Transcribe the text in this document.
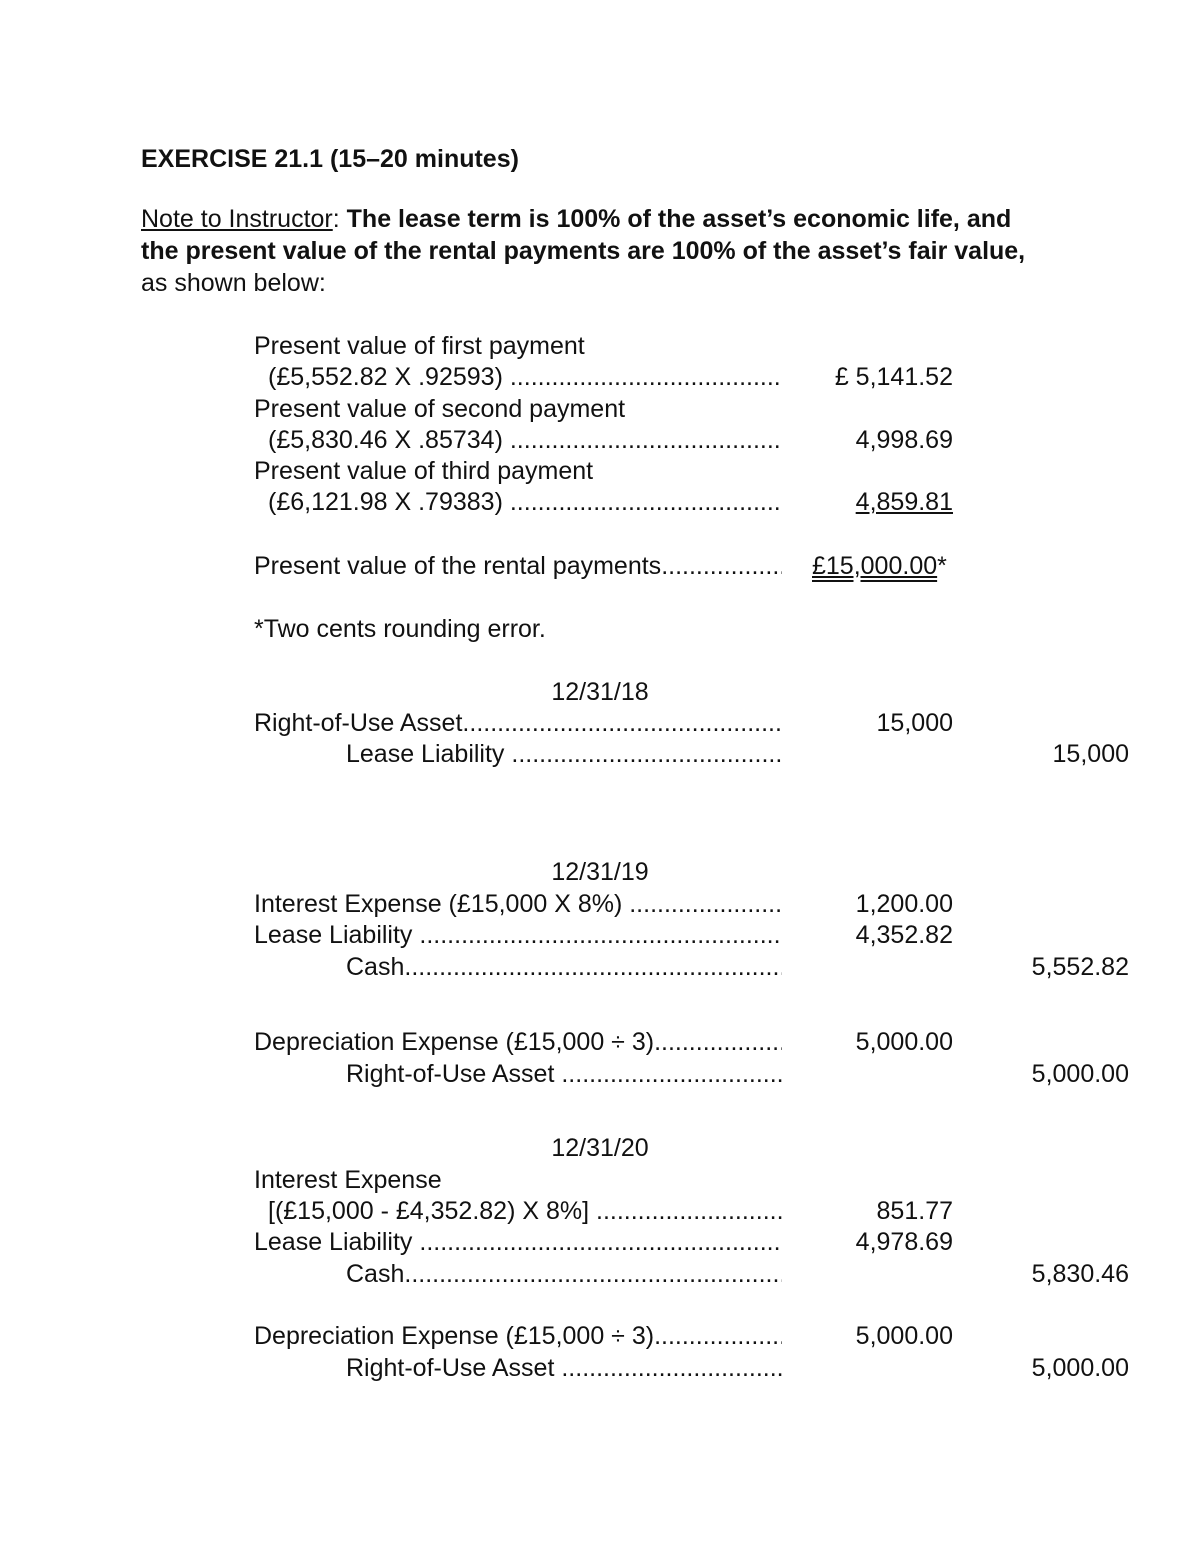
EXERCISE 21.1 (15–20 minutes)
Note to Instructor: The lease term is 100% of the asset’s economic life, and
the present value of the rental payments are 100% of the asset’s fair value,
as shown below:
Present value of first payment
(£5,552.82 X .92593) .....	£ 5,141.52
Present value of second payment
(£5,830.46 X .85734) .....	4,998.69
Present value of third payment
(£6,121.98 X .79383) .....	4,859.81
Present value of the rental payments .....	£15,000.00*
*Two cents rounding error.
12/31/18
Right-of-Use Asset .....	15,000
Lease Liability .....	15,000
12/31/19
Interest Expense (£15,000 X 8%) .....	1,200.00
Lease Liability .....	4,352.82
Cash .....	5,552.82
Depreciation Expense (£15,000 ÷ 3) .....	5,000.00
Right-of-Use Asset .....	5,000.00
12/31/20
Interest Expense
[(£15,000 - £4,352.82) X 8%] .....	851.77
Lease Liability .....	4,978.69
Cash .....	5,830.46
Depreciation Expense (£15,000 ÷ 3) .....	5,000.00
Right-of-Use Asset .....	5,000.00
